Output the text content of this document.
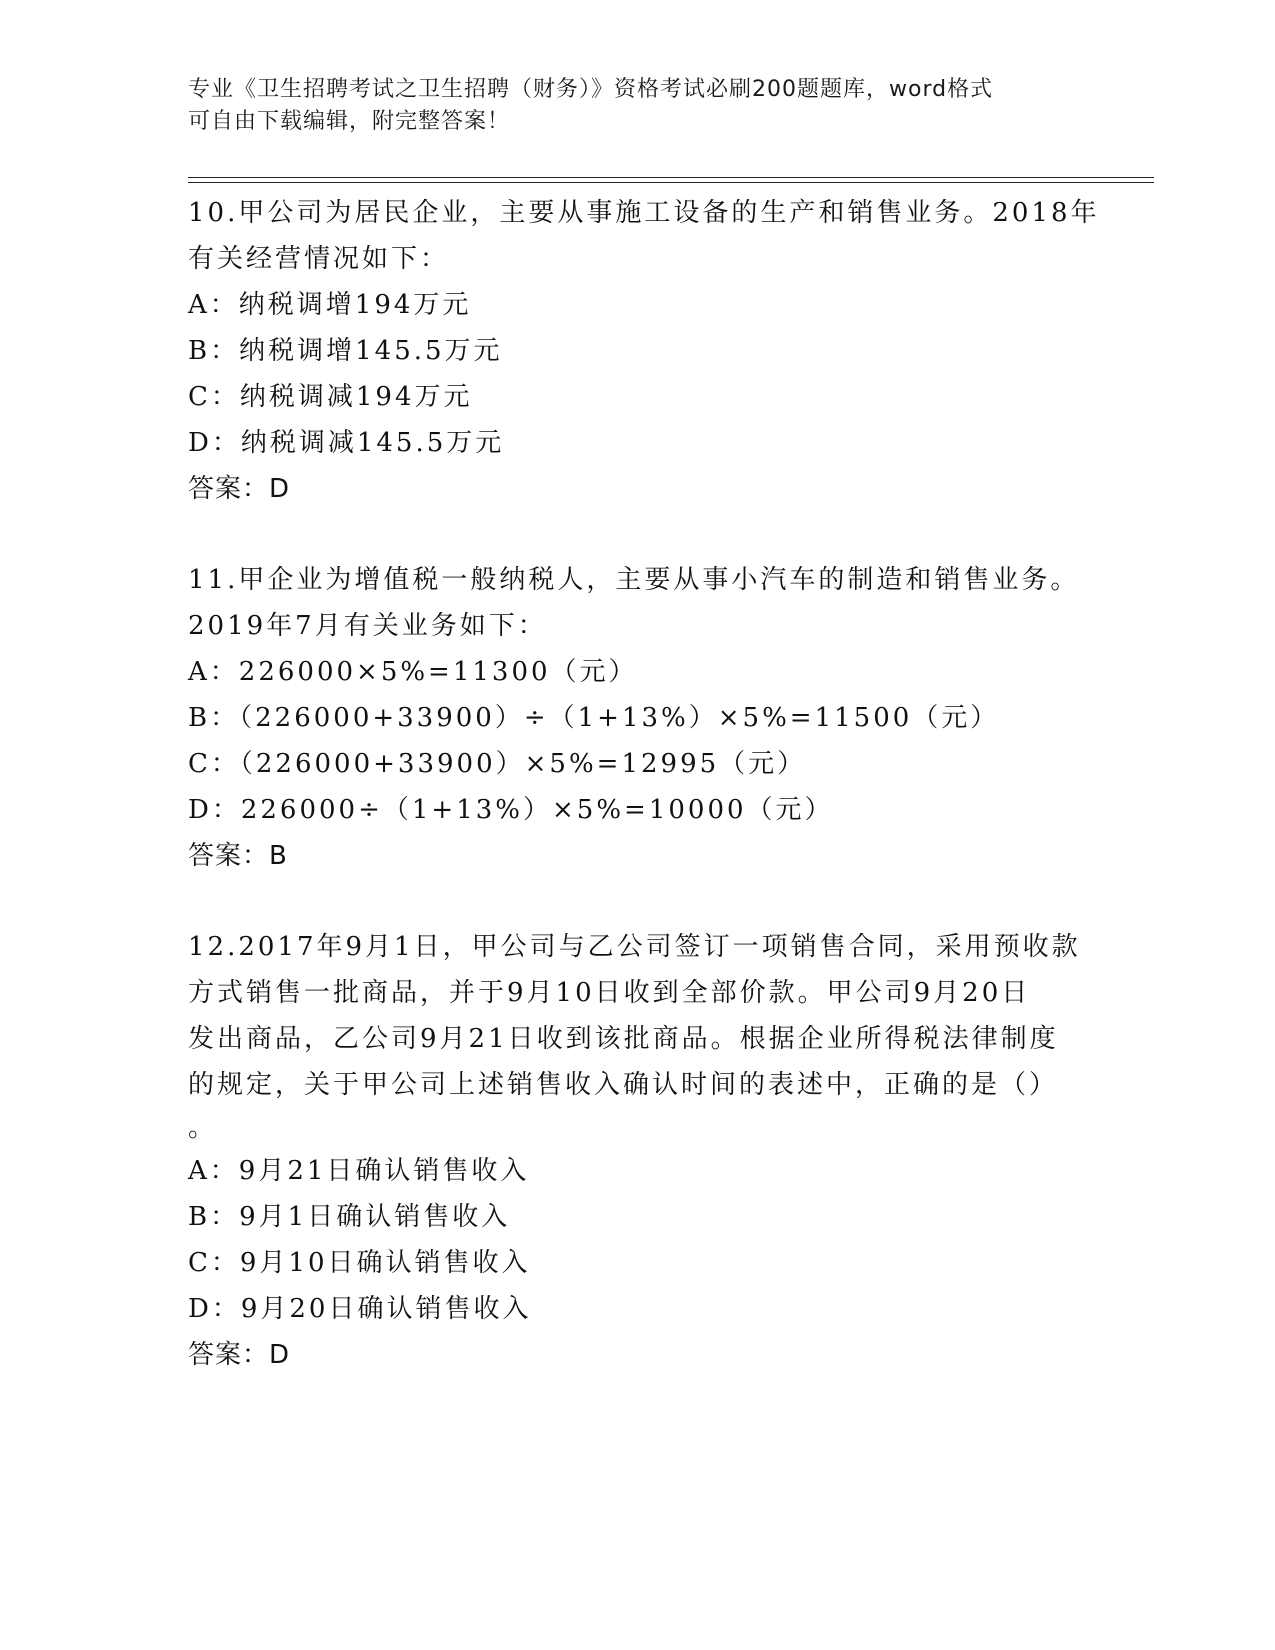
专业《卫生招聘考试之卫生招聘（财务）》资格考试必刷200题题库，word格式
可自由下载编辑，附完整答案！
10.甲公司为居民企业，主要从事施工设备的生产和销售业务。2018年
有关经营情况如下：
A：纳税调增194万元
B：纳税调增145.5万元
C：纳税调减194万元
D：纳税调减145.5万元
答案：D
11.甲企业为增值税一般纳税人，主要从事小汽车的制造和销售业务。
2019年7月有关业务如下：
A：226000×5%=11300（元）
B：（226000+33900）÷（1+13%）×5%=11500（元）
C：（226000+33900）×5%=12995（元）
D：226000÷（1+13%）×5%=10000（元）
答案：B
12.2017年9月1日，甲公司与乙公司签订一项销售合同，采用预收款
方式销售一批商品，并于9月10日收到全部价款。甲公司9月20日
发出商品，乙公司9月21日收到该批商品。根据企业所得税法律制度
的规定，关于甲公司上述销售收入确认时间的表述中，正确的是（）
。
A：9月21日确认销售收入
B：9月1日确认销售收入
C：9月10日确认销售收入
D：9月20日确认销售收入
答案：D
